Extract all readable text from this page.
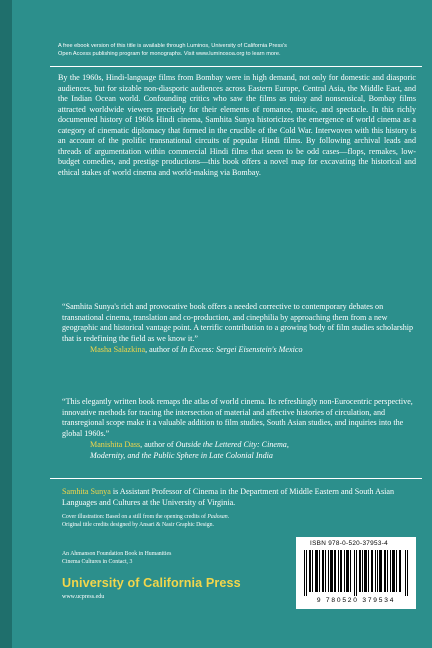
A free ebook version of this title is available through Luminos, University of California Press's
Open Access publishing program for monographs. Visit www.luminosoa.org to learn more.
By the 1960s, Hindi-language films from Bombay were in high demand, not only for domestic and diasporic audiences, but for sizable non-diasporic audiences across Eastern Europe, Central Asia, the Middle East, and the Indian Ocean world. Confounding critics who saw the films as noisy and nonsensical, Bombay films attracted worldwide viewers precisely for their elements of romance, music, and spectacle. In this richly documented history of 1960s Hindi cinema, Samhita Sunya historicizes the emergence of world cinema as a category of cinematic diplomacy that formed in the crucible of the Cold War. Interwoven with this history is an account of the prolific transnational circuits of popular Hindi films. By following archival leads and threads of argumentation within commercial Hindi films that seem to be odd cases—flops, remakes, low-budget comedies, and prestige productions—this book offers a novel map for excavating the historical and ethical stakes of world cinema and world-making via Bombay.
“Samhita Sunya's rich and provocative book offers a needed corrective to contemporary debates on transnational cinema, translation and co-production, and cinephilia by approaching them from a new geographic and historical vantage point. A terrific contribution to a growing body of film studies scholarship that is redefining the field as we know it.”
Masha Salazkina, author of In Excess: Sergei Eisenstein's Mexico
“This elegantly written book remaps the atlas of world cinema. Its refreshingly non-Eurocentric perspective, innovative methods for tracing the intersection of material and affective histories of circulation, and transregional scope make it a valuable addition to film studies, South Asian studies, and inquiries into the global 1960s.”
Manishita Dass, author of Outside the Lettered City: Cinema,
Modernity, and the Public Sphere in Late Colonial India
Samhita Sunya is Assistant Professor of Cinema in the Department of Middle Eastern and South Asian Languages and Cultures at the University of Virginia.
Cover illustration: Based on a still from the opening credits of Padosan.
Original title credits designed by Ansari & Nasir Graphic Design.
An Ahmanson Foundation Book in Humanities
Cinema Cultures in Contact, 3
University of California Press
www.ucpress.edu
ISBN 978-0-520-37953-4
9 780520 379534
